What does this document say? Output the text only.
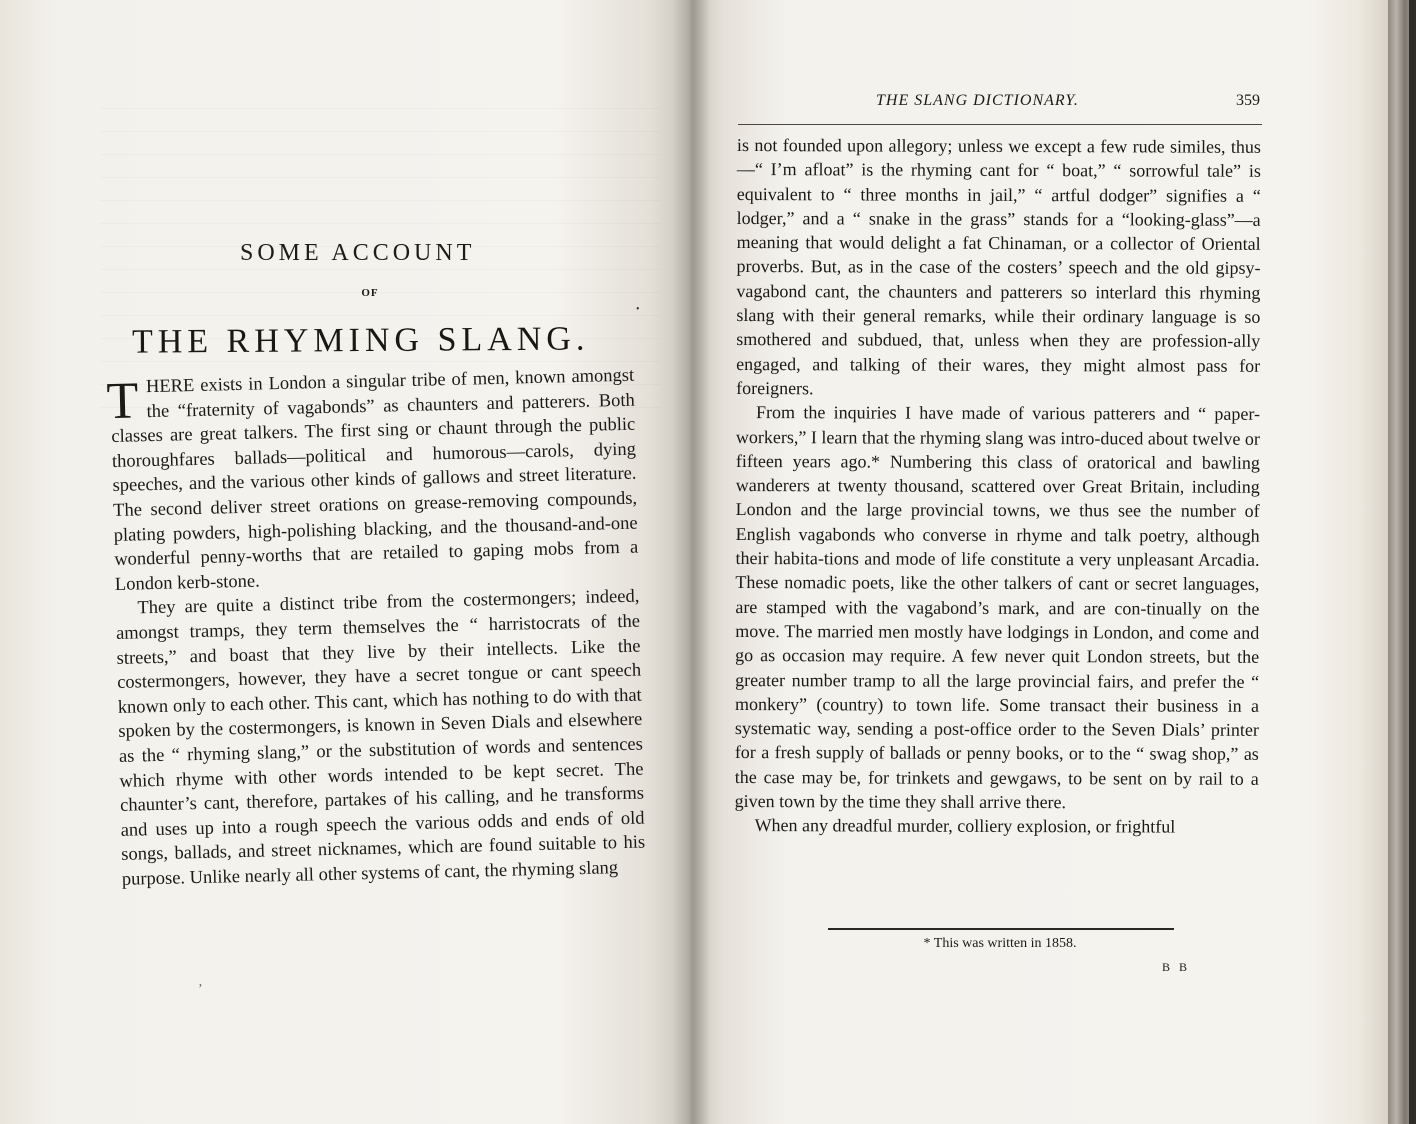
SOME ACCOUNT
OF
•
THE RHYMING SLANG.

THERE exists in London a singular tribe of men, known amongst the “fraternity of vagabonds” as chaunters and patterers. Both classes are great talkers. The first sing or chaunt through the public thoroughfares ballads—political and humorous—carols, dying speeches, and the various other kinds of gallows and street literature. The second deliver street orations on grease-removing compounds, plating powders, high-polishing blacking, and the thousand-and-one wonderful penny-worths that are retailed to gaping mobs from a London kerb-stone.

They are quite a distinct tribe from the costermongers; indeed, amongst tramps, they term themselves the “ harristocrats of the streets,” and boast that they live by their intellects. Like the costermongers, however, they have a secret tongue or cant speech known only to each other. This cant, which has nothing to do with that spoken by the costermongers, is known in Seven Dials and elsewhere as the “ rhyming slang,” or the substitution of words and sentences which rhyme with other words intended to be kept secret. The chaunter’s cant, therefore, partakes of his calling, and he transforms and uses up into a rough speech the various odds and ends of old songs, ballads, and street nicknames, which are found suitable to his purpose. Unlike nearly all other systems of cant, the rhyming slang

ʼ
THE SLANG DICTIONARY.	359

is not founded upon allegory; unless we except a few rude similes, thus—“ I’m afloat” is the rhyming cant for “ boat,” “ sorrowful tale” is equivalent to “ three months in jail,” “ artful dodger” signifies a “ lodger,” and a “ snake in the grass” stands for a “looking-glass”—a meaning that would delight a fat Chinaman, or a collector of Oriental proverbs. But, as in the case of the costers’ speech and the old gipsy-vagabond cant, the chaunters and patterers so interlard this rhyming slang with their general remarks, while their ordinary language is so smothered and subdued, that, unless when they are profession-ally engaged, and talking of their wares, they might almost pass for foreigners.

From the inquiries I have made of various patterers and “ paper-workers,” I learn that the rhyming slang was intro-duced about twelve or fifteen years ago.* Numbering this class of oratorical and bawling wanderers at twenty thousand, scattered over Great Britain, including London and the large provincial towns, we thus see the number of English vagabonds who converse in rhyme and talk poetry, although their habita-tions and mode of life constitute a very unpleasant Arcadia. These nomadic poets, like the other talkers of cant or secret languages, are stamped with the vagabond’s mark, and are con-tinually on the move. The married men mostly have lodgings in London, and come and go as occasion may require. A few never quit London streets, but the greater number tramp to all the large provincial fairs, and prefer the “ monkery” (country) to town life. Some transact their business in a systematic way, sending a post-office order to the Seven Dials’ printer for a fresh supply of ballads or penny books, or to the “ swag shop,” as the case may be, for trinkets and gewgaws, to be sent on by rail to a given town by the time they shall arrive there.

When any dreadful murder, colliery explosion, or frightful

* This was written in 1858.
B B
